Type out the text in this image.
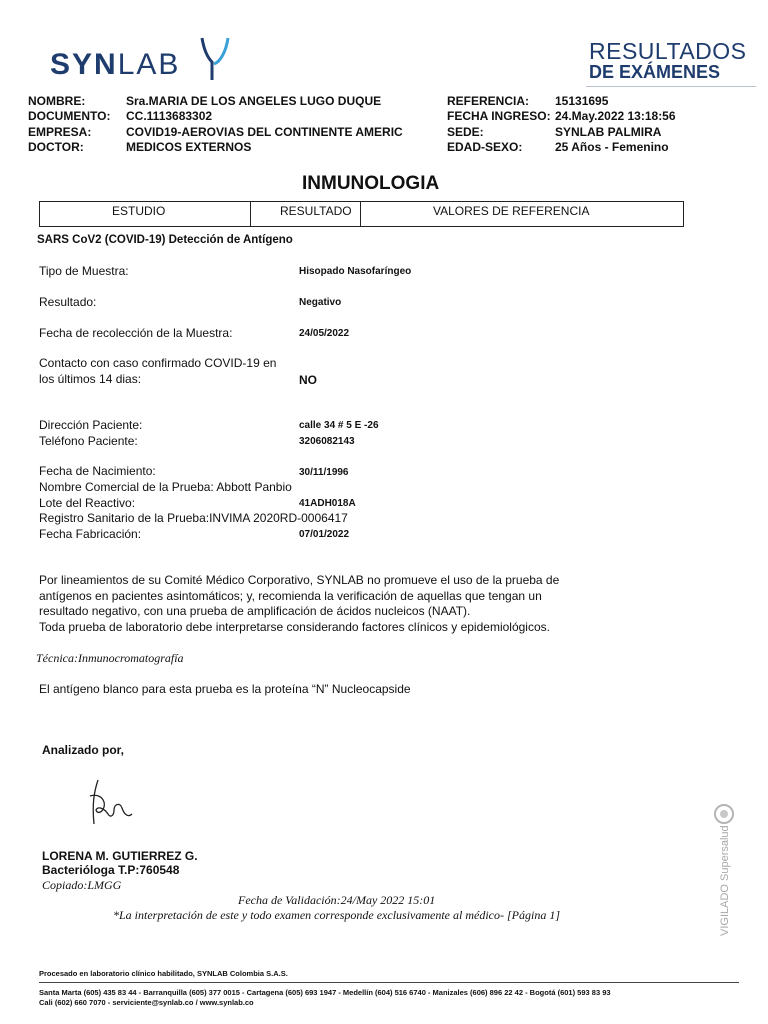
SYNLAB	RESULTADOS
DE EXÁMENES
NOMBRE:	Sra.MARIA DE LOS ANGELES LUGO DUQUE
DOCUMENTO: CC.1113683302
EMPRESA:	COVID19-AEROVIAS DEL CONTINENTE AMERIC
DOCTOR:	MEDICOS EXTERNOS
REFERENCIA: 15131695
FECHA INGRESO: 24.May.2022 13:18:56
SEDE:	SYNLAB PALMIRA
EDAD-SEXO:	25 Años - Femenino
INMUNOLOGIA
ESTUDIO	RESULTADO	VALORES DE REFERENCIA
SARS CoV2 (COVID-19) Detección de Antígeno
Tipo de Muestra:	Hisopado Nasofaríngeo
Resultado:	Negativo
Fecha de recolección de la Muestra:	24/05/2022
Contacto con caso confirmado COVID-19 en
los últimos 14 dias:	NO
Dirección Paciente:	calle 34 # 5 E -26
Teléfono Paciente:	3206082143
Fecha de Nacimiento:	30/11/1996
Nombre Comercial de la Prueba: Abbott Panbio
Lote del Reactivo:	41ADH018A
Registro Sanitario de la Prueba:INVIMA 2020RD-0006417
Fecha Fabricación:	07/01/2022
Por lineamientos de su Comité Médico Corporativo, SYNLAB no promueve el uso de la prueba de
antígenos en pacientes asintomáticos; y, recomienda la verificación de aquellas que tengan un
resultado negativo, con una prueba de amplificación de ácidos nucleicos (NAAT).
Toda prueba de laboratorio debe interpretarse considerando factores clínicos y epidemiológicos.
Técnica:Inmunocromatografía
El antígeno blanco para esta prueba es la proteína “N” Nucleocapside
Analizado por,
LORENA M. GUTIERREZ G.
Bacterióloga T.P:760548
Copiado:LMGG
Fecha de Validación:24/May 2022 15:01
*La interpretación de este y todo examen corresponde exclusivamente al médico- [Página 1]	VIGILADO Supersalud
Procesado en laboratorio clínico habilitado, SYNLAB Colombia S.A.S.
Santa Marta (605) 435 83 44 - Barranquilla (605) 377 0015 - Cartagena (605) 693 1947 - Medellín (604) 516 6740 - Manizales (606) 896 22 42 - Bogotá (601) 593 83 93
Cali (602) 660 7070 - serviciente@synlab.co / www.synlab.co
